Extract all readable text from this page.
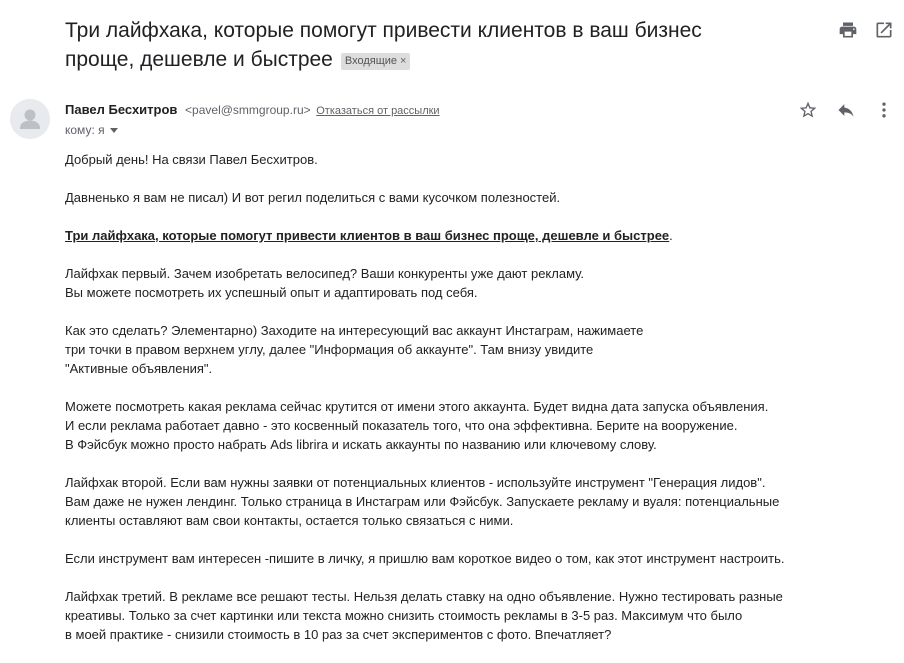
Три лайфхака, которые помогут привести клиентов в ваш бизнес проще, дешевле и быстрее Входящие ×
Павел Бесхитров <pavel@smmgroup.ru> Отказаться от рассылки
кому: я

Добрый день! На связи Павел Бесхитров.

Давненько я вам не писал) И вот регил поделиться с вами кусочком полезностей.

Три лайфхака, которые помогут привести клиентов в ваш бизнес проще, дешевле и быстрее.

Лайфхак первый. Зачем изобретать велосипед? Ваши конкуренты уже дают рекламу.
Вы можете посмотреть их успешный опыт и адаптировать под себя.

Как это сделать? Элементарно) Заходите на интересующий вас аккаунт Инстаграм, нажимаете
три точки в правом верхнем углу, далее "Информация об аккаунте". Там внизу увидите
"Активные объявления".

Можете посмотреть какая реклама сейчас крутится от имени этого аккаунта. Будет видна дата запуска объявления.
И если реклама работает давно - это косвенный показатель того, что она эффективна. Берите на вооружение.
В Фэйсбук можно просто набрать Ads librira и искать аккаунты по названию или ключевому слову.

Лайфхак второй. Если вам нужны заявки от потенциальных клиентов - используйте инструмент "Генерация лидов".
Вам даже не нужен лендинг. Только страница в Инстаграм или Фэйсбук. Запускаете рекламу и вуаля: потенциальные
клиенты оставляют вам свои контакты, остается только связаться с ними.

Если инструмент вам интересен -пишите в личку, я пришлю вам короткое видео о том, как этот инструмент настроить.

Лайфхак третий. В рекламе все решают тесты. Нельзя делать ставку на одно объявление. Нужно тестировать разные
креативы. Только за счет картинки или текста можно снизить стоимость рекламы в 3-5 раз. Максимум что было
в моей практике - снизили стоимость в 10 раз за счет экспериментов с фото. Впечатляет?
